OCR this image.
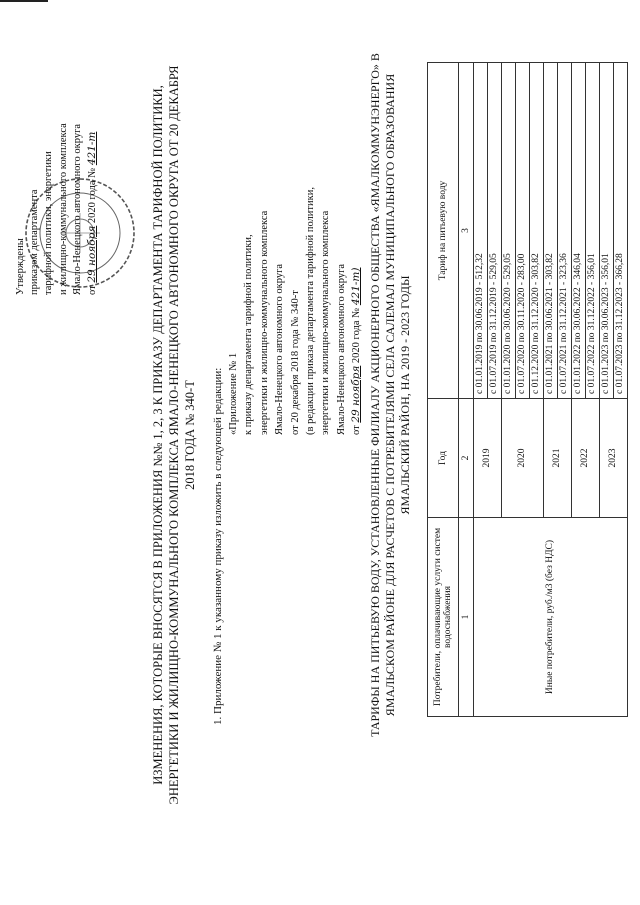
Утверждены приказом департамента тарифной политики, энергетики и жилищно-коммунального комплекса Ямало-Ненецкого автономного округа от 29 ноября 2020 года № 421-т	ИЗМЕНЕНИЯ, КОТОРЫЕ ВНОСЯТСЯ В ПРИЛОЖЕНИЯ №№ 1, 2, 3 К ПРИКАЗУ ДЕПАРТАМЕНТА ТАРИФНОЙ ПОЛИТИКИ, ЭНЕРГЕТИКИ И ЖИЛИЩНО-КОММУНАЛЬНОГО КОМПЛЕКСА ЯМАЛО-НЕНЕЦКОГО АВТОНОМНОГО ОКРУГА ОТ 20 ДЕКАБРЯ 2018 ГОДА № 340-Т 1. Приложение № 1 к указанному приказу изложить в следующей редакции: «Приложение № 1 к приказу департамента тарифной политики, энергетики и жилищно-коммунального комплекса Ямало-Ненецкого автономного округа от 20 декабря 2018 года № 340-т (в редакции приказа департамента тарифной политики, энергетики и жилищно-коммунального комплекса Ямало-Ненецкого автономного округа от 29 ноября 2020 года № 421-т) ТАРИФЫ НА ПИТЬЕВУЮ ВОДУ, УСТАНОВЛЕННЫЕ ФИЛИАЛУ АКЦИОНЕРНОГО ОБЩЕСТВА «ЯМАЛКОММУНЭНЕРГО» В ЯМАЛЬСКОМ РАЙОНЕ ДЛЯ РАСЧЕТОВ С ПОТРЕБИТЕЛЯМИ СЕЛА САЛЕМАЛ МУНИЦИПАЛЬНОГО ОБРАЗОВАНИЯ ЯМАЛЬСКИЙ РАЙОН, НА 2019 - 2023 ГОДЫ
Потребители, оплачивающие услуги систем водоснабжения	Год	Тариф на питьевую воду
1	2	3
Иные потребители, руб./м3 (без НДС)	2019	с 01.01.2019 по 30.06.2019 - 512,32
		с 01.07.2019 по 31.12.2019 - 529,05
	2020	с 01.01.2020 по 30.06.2020 - 529,05
		с 01.07.2020 по 30.11.2020 - 283,00
		с 01.12.2020 по 31.12.2020 - 303,82
	2021	с 01.01.2021 по 30.06.2021 - 303,82
		с 01.07.2021 по 31.12.2021 - 323,36
	2022	с 01.01.2022 по 30.06.2022 - 346,04
		с 01.07.2022 по 31.12.2022 - 356,01
	2023	с 01.01.2023 по 30.06.2023 - 356,01
		с 01.07.2023 по 31.12.2023 - 366,28
